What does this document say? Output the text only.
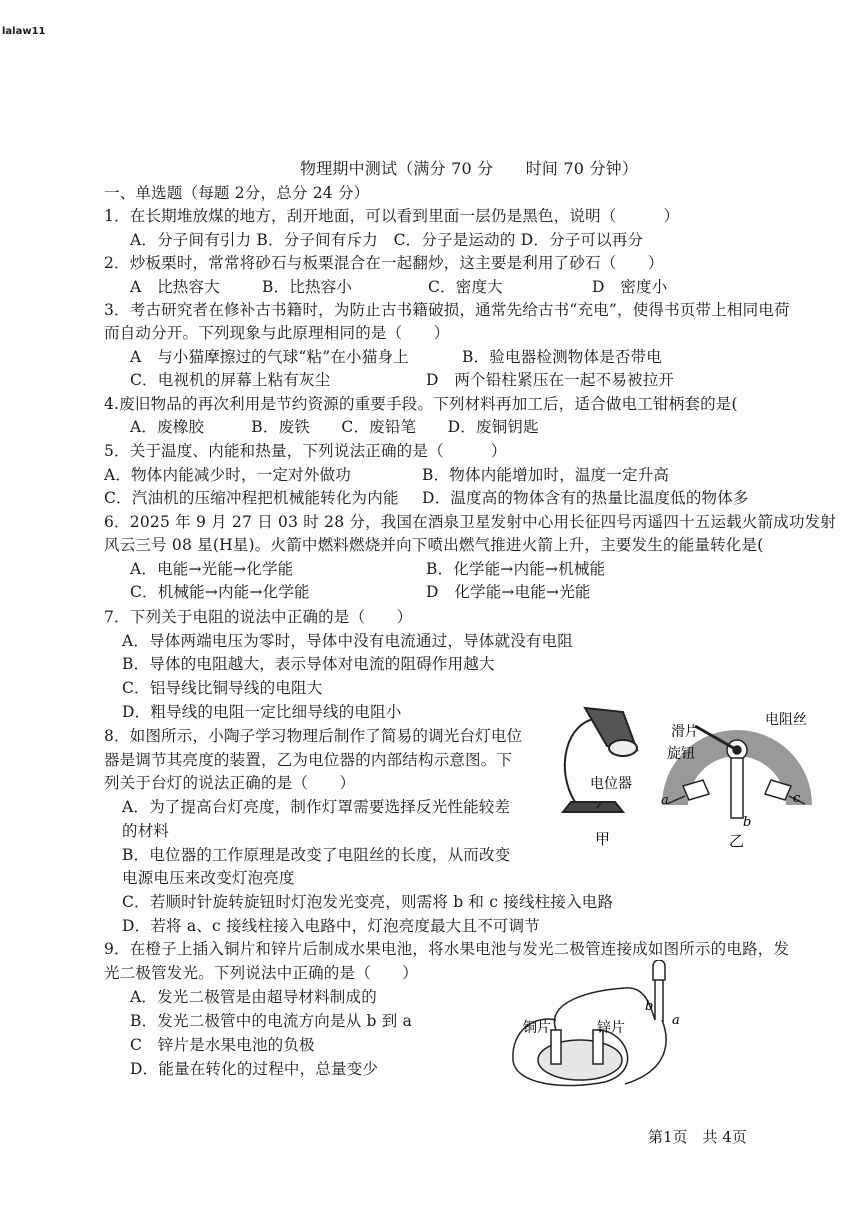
lalaw11
物理期中测试（满分 70 分　　时间 70 分钟）
一、单选题（每题 2分，总分 24 分）
1．在长期堆放煤的地方，刮开地面，可以看到里面一层仍是黑色，说明（　　　）
A．分子间有引力 B．分子间有斥力　C．分子是运动的 D．分子可以再分
2．炒板栗时，常常将砂石与板栗混合在一起翻炒，这主要是利用了砂石（　　）
A　比热容大	B．比热容小	C．密度大	D　密度小
3．考古研究者在修补古书籍时，为防止古书籍破损，通常先给古书“充电”，使得书页带上相同电荷
而自动分开。下列现象与此原理相同的是（　　）
A　与小猫摩擦过的气球“粘”在小猫身上	B．验电器检测物体是否带电
C．电视机的屏幕上粘有灰尘	D　两个铅柱紧压在一起不易被拉开
4.废旧物品的再次利用是节约资源的重要手段。下列材料再加工后，适合做电工钳柄套的是(
A．废橡胶　　　B．废铁　　C．废铅笔　　D．废铜钥匙
5．关于温度、内能和热量，下列说法正确的是（　　　）
A．物体内能减少时，一定对外做功	B．物体内能增加时，温度一定升高
C．汽油机的压缩冲程把机械能转化为内能 D．温度高的物体含有的热量比温度低的物体多
6．2025 年 9 月 27 日 03 时 28 分，我国在酒泉卫星发射中心用长征四号丙遥四十五运载火箭成功发射
风云三号 08 星(H星)。火箭中燃料燃烧并向下喷出燃气推进火箭上升，主要发生的能量转化是(
A．电能→光能→化学能	B．化学能→内能→机械能
C．机械能→内能→化学能	D　化学能→电能→光能
7．下列关于电阻的说法中正确的是（　　）
A．导体两端电压为零时，导体中没有电流通过，导体就没有电阻
B．导体的电阻越大，表示导体对电流的阻碍作用越大
C．铝导线比铜导线的电阻大
D．粗导线的电阻一定比细导线的电阻小
8．如图所示，小陶子学习物理后制作了简易的调光台灯电位
器是调节其亮度的装置，乙为电位器的内部结构示意图。下
列关于台灯的说法正确的是（　　）
A．为了提高台灯亮度，制作灯罩需要选择反光性能较差
的材料
B．电位器的工作原理是改变了电阻丝的长度，从而改变
电源电压来改变灯泡亮度
C．若顺时针旋转旋钮时灯泡发光变亮，则需将 b 和 c 接线柱接入电路
D．若将 a、c 接线柱接入电路中，灯泡亮度最大且不可调节
电位器
甲
电阻丝
滑片
旋钮
a
b
c
乙
9．在橙子上插入铜片和锌片后制成水果电池，将水果电池与发光二极管连接成如图所示的电路，发
光二极管发光。下列说法中正确的是（　　）
A．发光二极管是由超导材料制成的
B．发光二极管中的电流方向是从 b 到 a
C　锌片是水果电池的负极
D．能量在转化的过程中，总量变少
铜片	锌片
b
a
第1页　共 4页
